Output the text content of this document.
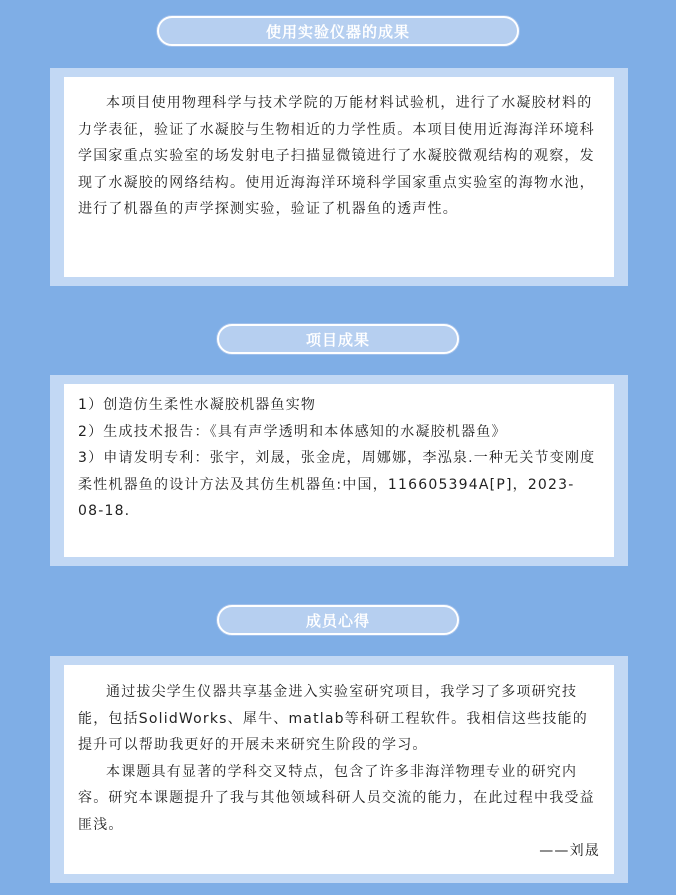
使用实验仪器的成果

本项目使用物理科学与技术学院的万能材料试验机，进行了水凝胶材料的力学表征，验证了水凝胶与生物相近的力学性质。本项目使用近海海洋环境科学国家重点实验室的场发射电子扫描显微镜进行了水凝胶微观结构的观察，发现了水凝胶的网络结构。使用近海海洋环境科学国家重点实验室的海物水池，进行了机器鱼的声学探测实验，验证了机器鱼的透声性。

项目成果

1）创造仿生柔性水凝胶机器鱼实物

2）生成技术报告：《具有声学透明和本体感知的水凝胶机器鱼》

3）申请发明专利：张宇，刘晟，张金虎，周娜娜，李泓泉.一种无关节变刚度柔性机器鱼的设计方法及其仿生机器鱼:中国，116605394A[P]，2023-08-18.

成员心得

通过拔尖学生仪器共享基金进入实验室研究项目，我学习了多项研究技能，包括SolidWorks、犀牛、matlab等科研工程软件。我相信这些技能的提升可以帮助我更好的开展未来研究生阶段的学习。

本课题具有显著的学科交叉特点，包含了许多非海洋物理专业的研究内容。研究本课题提升了我与其他领域科研人员交流的能力，在此过程中我受益匪浅。

——刘晟
